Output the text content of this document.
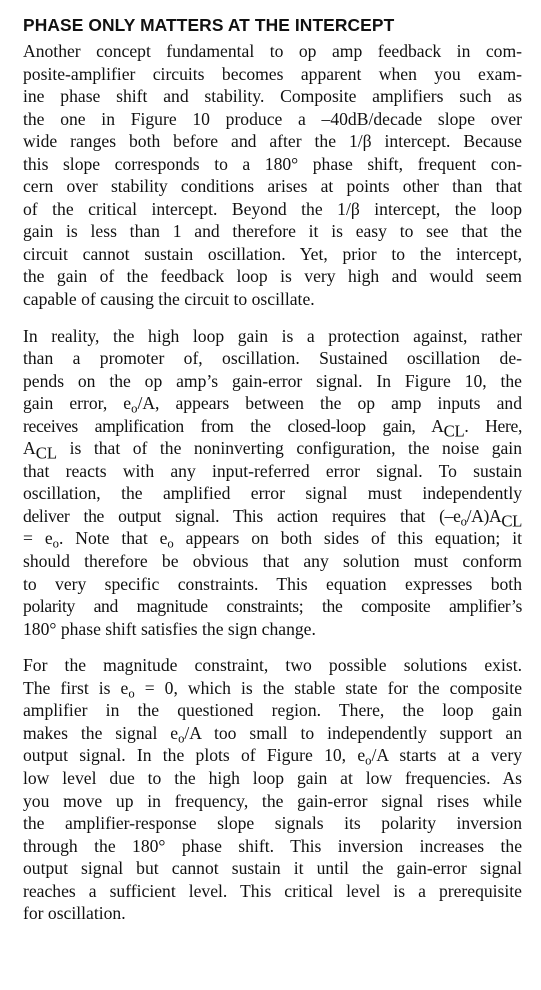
PHASE ONLY MATTERS AT THE INTERCEPT

Another concept fundamental to op amp feedback in com-
posite-amplifier circuits becomes apparent when you exam-
ine phase shift and stability. Composite amplifiers such as
the one in Figure 10 produce a –40dB/decade slope over
wide ranges both before and after the 1/β intercept. Because
this slope corresponds to a 180° phase shift, frequent con-
cern over stability conditions arises at points other than that
of the critical intercept. Beyond the 1/β intercept, the loop
gain is less than 1 and therefore it is easy to see that the
circuit cannot sustain oscillation. Yet, prior to the intercept,
the gain of the feedback loop is very high and would seem
capable of causing the circuit to oscillate.

In reality, the high loop gain is a protection against, rather
than a promoter of, oscillation. Sustained oscillation de-
pends on the op amp’s gain-error signal. In Figure 10, the
gain error, $e_o/A$, appears between the op amp inputs and
receives amplification from the closed-loop gain, $A_{CL}$. Here,
$A_{CL}$ is that of the noninverting configuration, the noise gain
that reacts with any input-referred error signal. To sustain
oscillation, the amplified error signal must independently
deliver the output signal. This action requires that $(-e_o/A)A_{CL}$
= $e_o$. Note that $e_o$ appears on both sides of this equation; it
should therefore be obvious that any solution must conform
to very specific constraints. This equation expresses both
polarity and magnitude constraints; the composite amplifier’s
180° phase shift satisfies the sign change.

For the magnitude constraint, two possible solutions exist.
The first is $e_o = 0$, which is the stable state for the composite
amplifier in the questioned region. There, the loop gain
makes the signal $e_o/A$ too small to independently support an
output signal. In the plots of Figure 10, $e_o/A$ starts at a very
low level due to the high loop gain at low frequencies. As
you move up in frequency, the gain-error signal rises while
the amplifier-response slope signals its polarity inversion
through the 180° phase shift. This inversion increases the
output signal but cannot sustain it until the gain-error signal
reaches a sufficient level. This critical level is a prerequisite
for oscillation.
